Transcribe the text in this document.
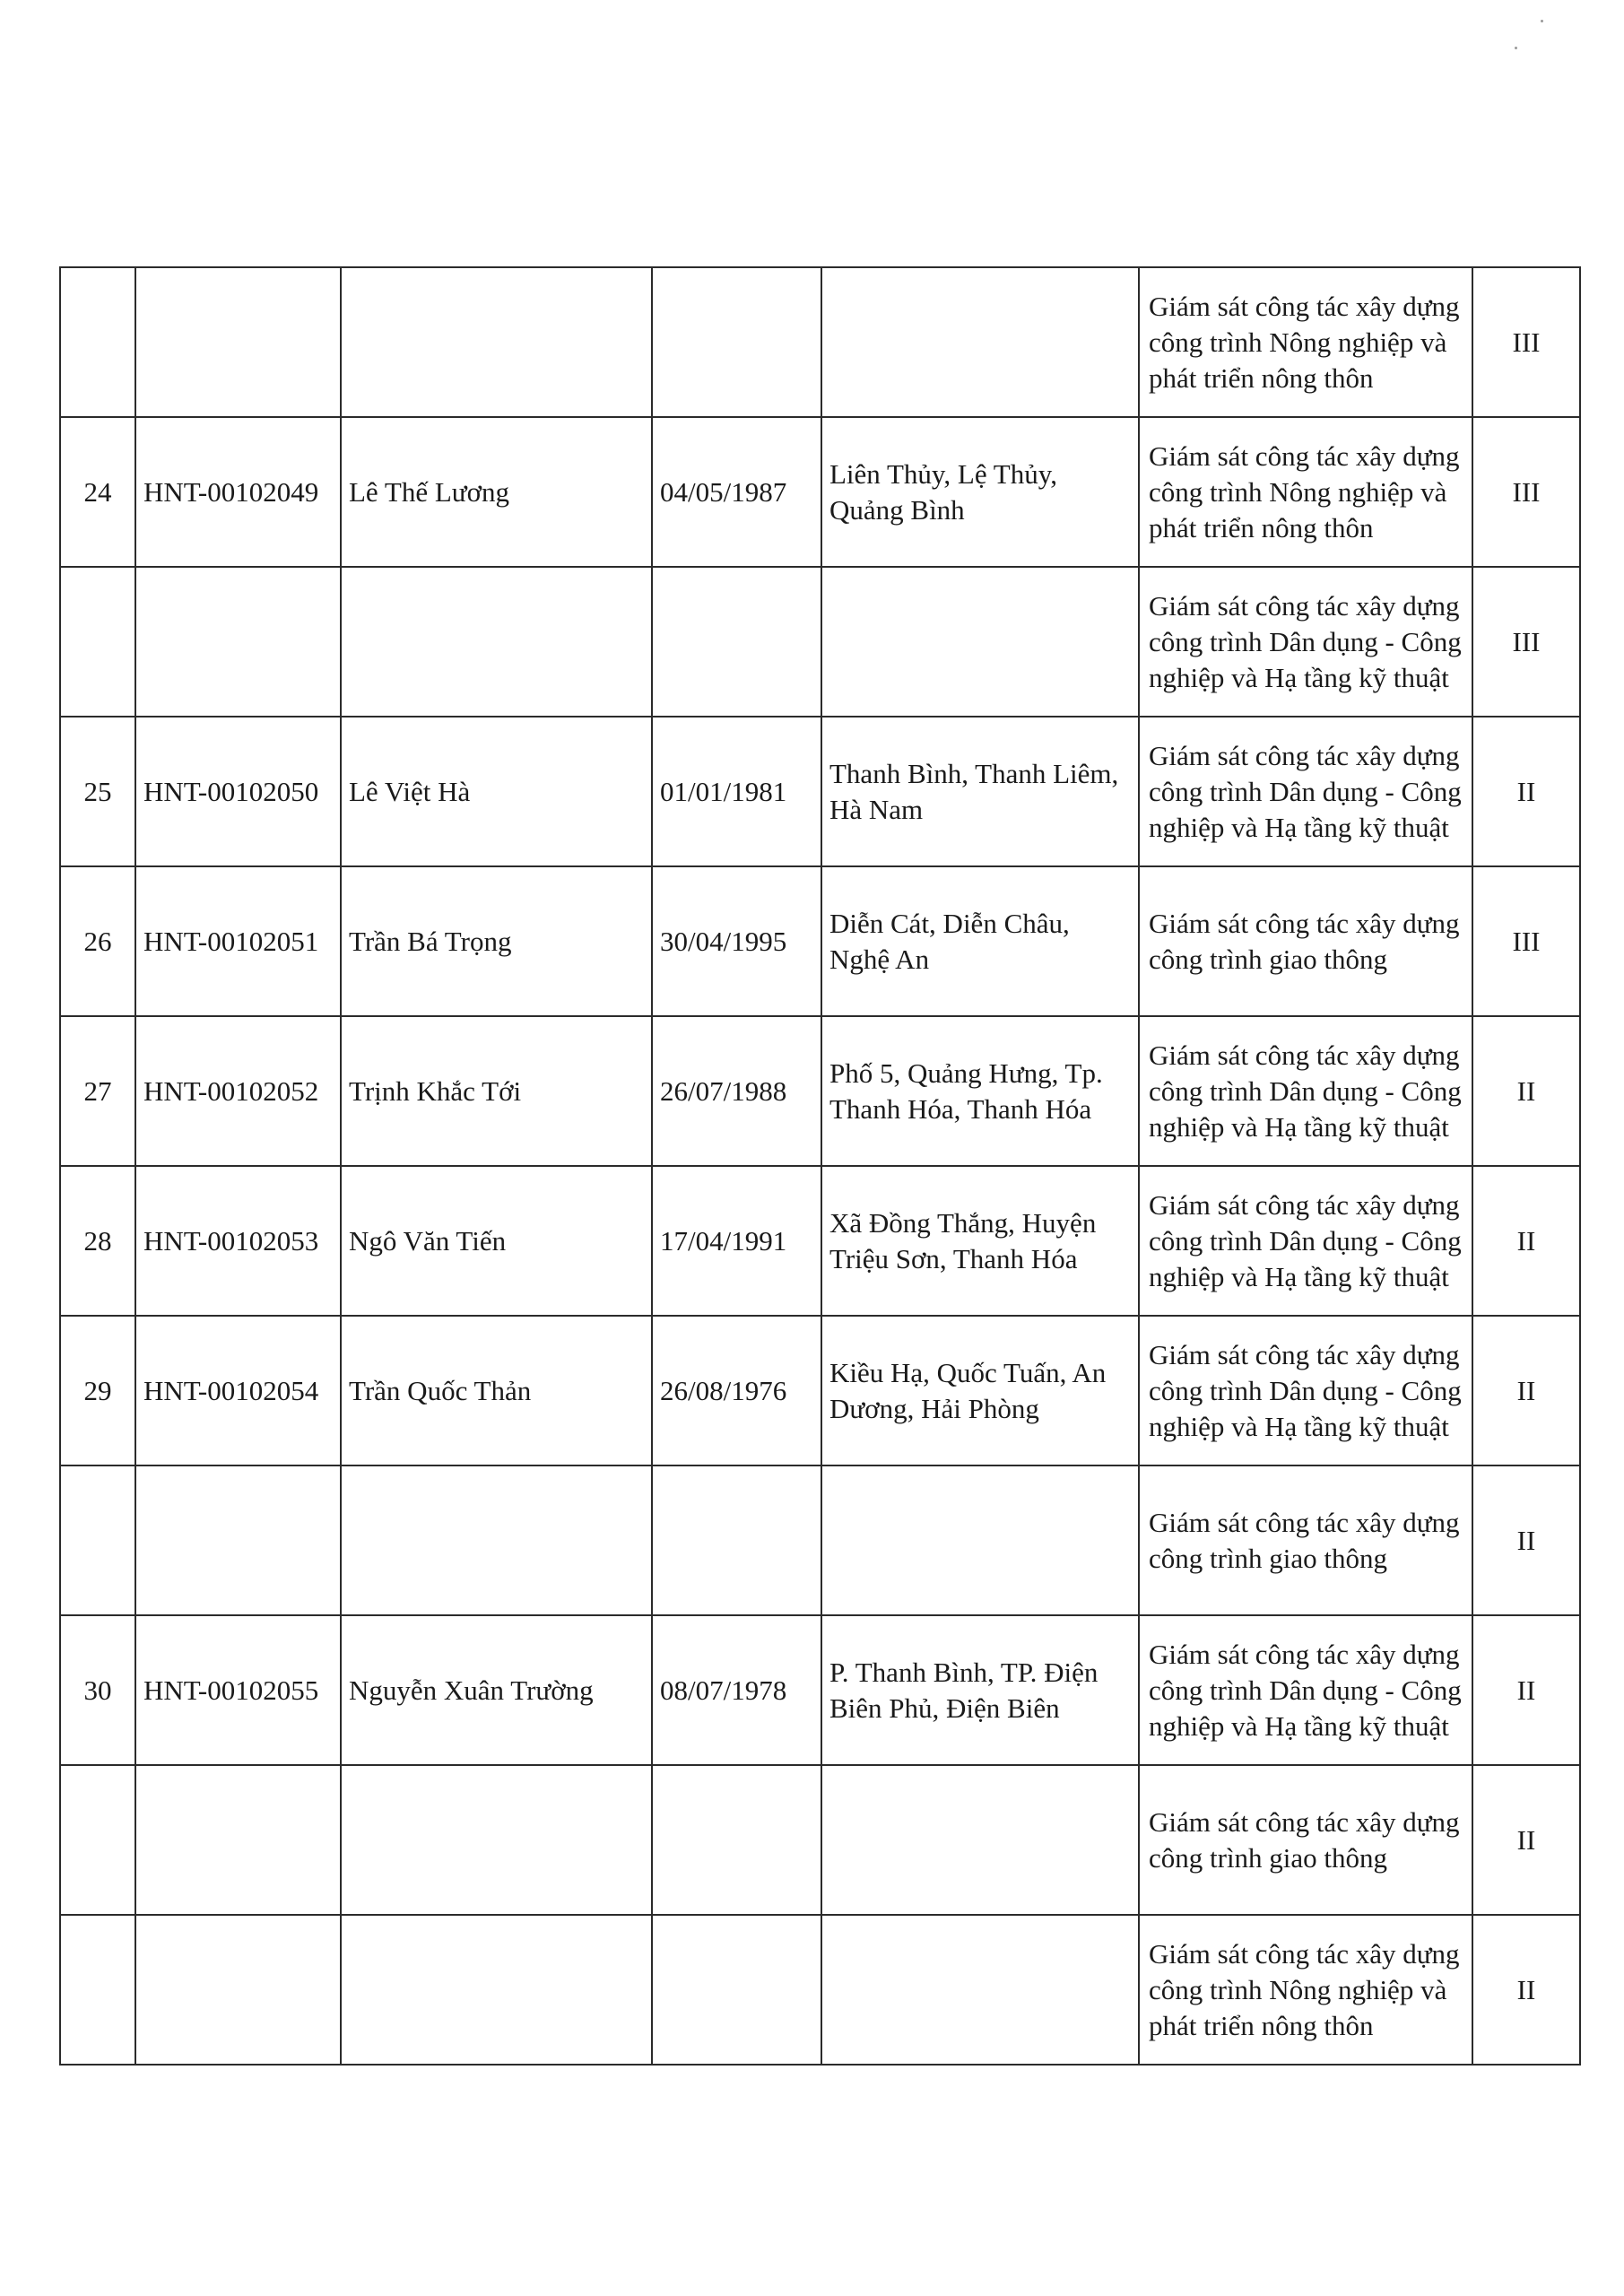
					Giám sát công tác xây dựng công trình Nông nghiệp và phát triển nông thôn	III
24	HNT-00102049	Lê Thế Lương	04/05/1987	Liên Thủy, Lệ Thủy, Quảng Bình	Giám sát công tác xây dựng công trình Nông nghiệp và phát triển nông thôn	III
					Giám sát công tác xây dựng công trình Dân dụng - Công nghiệp và Hạ tầng kỹ thuật	III
25	HNT-00102050	Lê Việt Hà	01/01/1981	Thanh Bình, Thanh Liêm, Hà Nam	Giám sát công tác xây dựng công trình Dân dụng - Công nghiệp và Hạ tầng kỹ thuật	II
26	HNT-00102051	Trần Bá Trọng	30/04/1995	Diễn Cát, Diễn Châu, Nghệ An	Giám sát công tác xây dựng công trình giao thông	III
27	HNT-00102052	Trịnh Khắc Tới	26/07/1988	Phố 5, Quảng Hưng, Tp. Thanh Hóa, Thanh Hóa	Giám sát công tác xây dựng công trình Dân dụng - Công nghiệp và Hạ tầng kỹ thuật	II
28	HNT-00102053	Ngô Văn Tiến	17/04/1991	Xã Đồng Thắng, Huyện Triệu Sơn, Thanh Hóa	Giám sát công tác xây dựng công trình Dân dụng - Công nghiệp và Hạ tầng kỹ thuật	II
29	HNT-00102054	Trần Quốc Thản	26/08/1976	Kiều Hạ, Quốc Tuấn, An Dương, Hải Phòng	Giám sát công tác xây dựng công trình Dân dụng - Công nghiệp và Hạ tầng kỹ thuật	II
					Giám sát công tác xây dựng công trình giao thông	II
30	HNT-00102055	Nguyễn Xuân Trường	08/07/1978	P. Thanh Bình, TP. Điện Biên Phủ, Điện Biên	Giám sát công tác xây dựng công trình Dân dụng - Công nghiệp và Hạ tầng kỹ thuật	II
					Giám sát công tác xây dựng công trình giao thông	II
					Giám sát công tác xây dựng công trình Nông nghiệp và phát triển nông thôn	II
